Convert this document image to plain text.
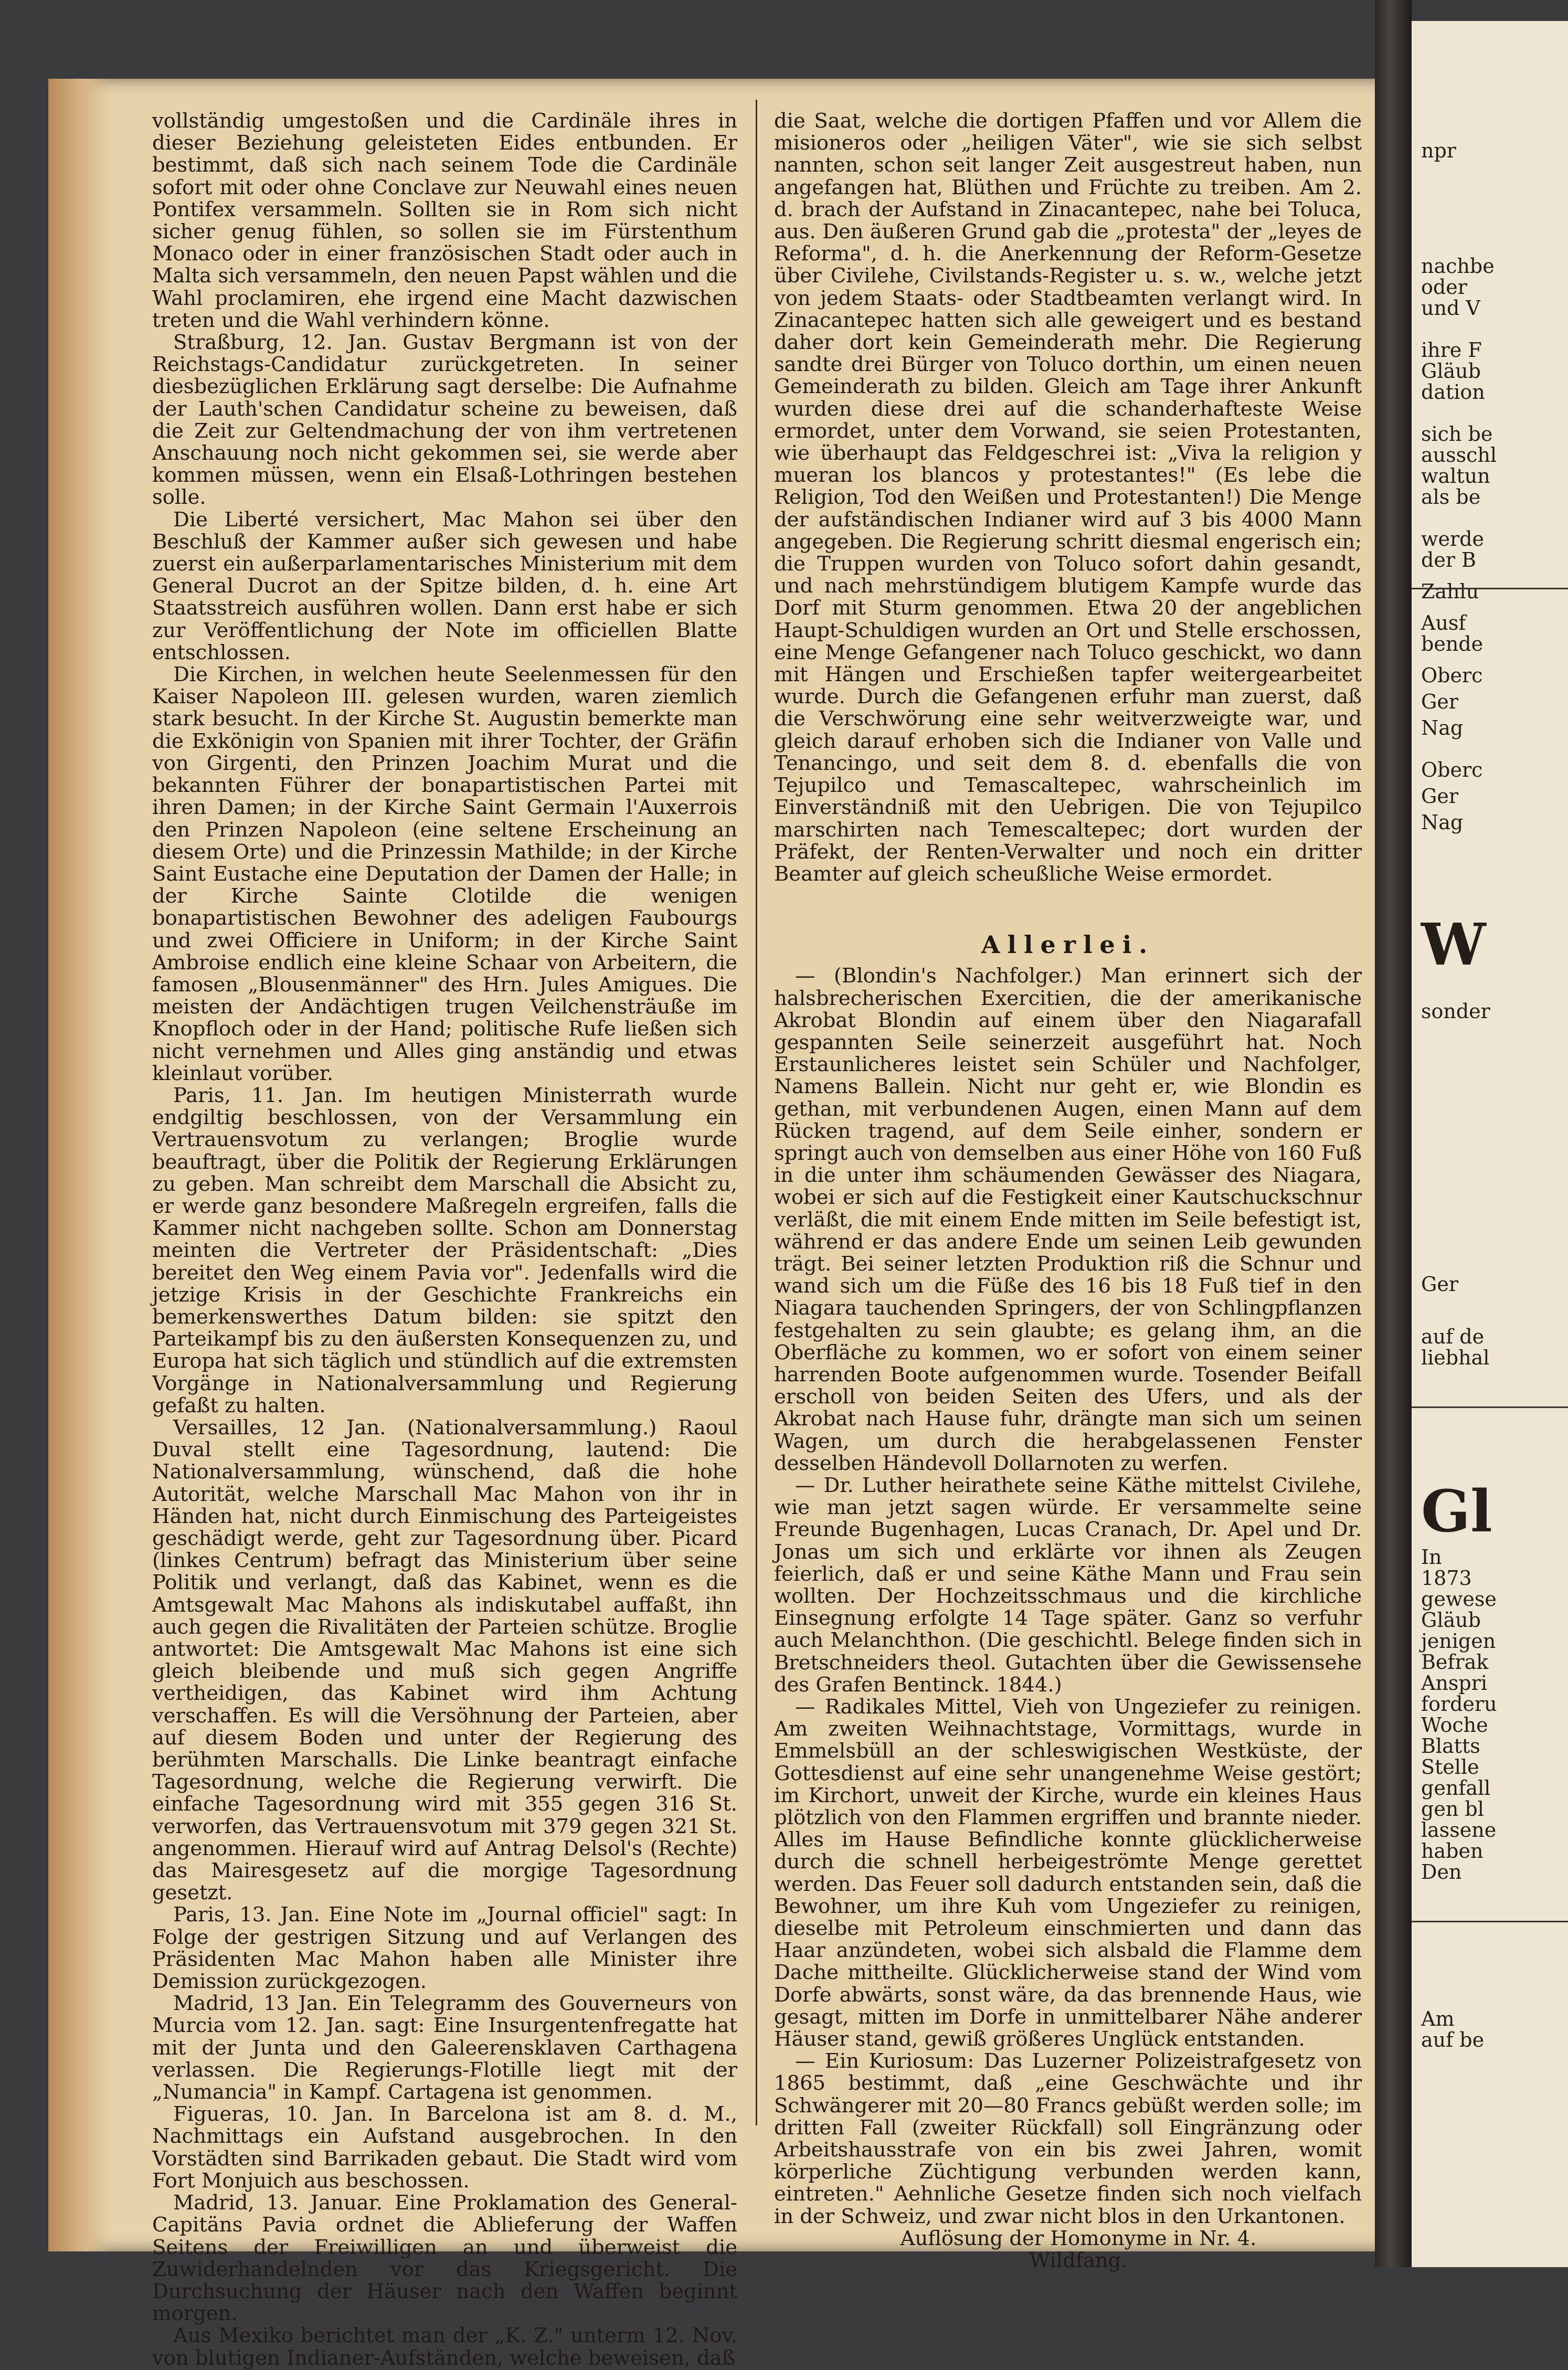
vollständig umgestoßen und die Cardinäle ihres in dieser Beziehung geleisteten Eides entbunden. Er bestimmt, daß sich nach seinem Tode die Cardinäle sofort mit oder ohne Conclave zur Neuwahl eines neuen Pontifex versammeln. Sollten sie in Rom sich nicht sicher genug fühlen, so sollen sie im Fürstenthum Monaco oder in einer französischen Stadt oder auch in Malta sich versammeln, den neuen Papst wählen und die Wahl proclamiren, ehe irgend eine Macht dazwischen treten und die Wahl verhindern könne.

Straßburg, 12. Jan. Gustav Bergmann ist von der Reichstags-Candidatur zurückgetreten. In seiner diesbezüglichen Erklärung sagt derselbe: Die Aufnahme der Lauth'schen Candidatur scheine zu beweisen, daß die Zeit zur Geltendmachung der von ihm vertretenen Anschauung noch nicht gekommen sei, sie werde aber kommen müssen, wenn ein Elsaß-Lothringen bestehen solle.

Die Liberté versichert, Mac Mahon sei über den Beschluß der Kammer außer sich gewesen und habe zuerst ein außerparlamentarisches Ministerium mit dem General Ducrot an der Spitze bilden, d. h. eine Art Staatsstreich ausführen wollen. Dann erst habe er sich zur Veröffentlichung der Note im officiellen Blatte entschlossen.

Die Kirchen, in welchen heute Seelenmessen für den Kaiser Napoleon III. gelesen wurden, waren ziemlich stark besucht. In der Kirche St. Augustin bemerkte man die Exkönigin von Spanien mit ihrer Tochter, der Gräfin von Girgenti, den Prinzen Joachim Murat und die bekannten Führer der bonapartistischen Partei mit ihren Damen; in der Kirche Saint Germain l'Auxerrois den Prinzen Napoleon (eine seltene Erscheinung an diesem Orte) und die Prinzessin Mathilde; in der Kirche Saint Eustache eine Deputation der Damen der Halle; in der Kirche Sainte Clotilde die wenigen bonapartistischen Bewohner des adeligen Faubourgs und zwei Officiere in Uniform; in der Kirche Saint Ambroise endlich eine kleine Schaar von Arbeitern, die famosen „Blousenmänner" des Hrn. Jules Amigues. Die meisten der Andächtigen trugen Veilchensträuße im Knopfloch oder in der Hand; politische Rufe ließen sich nicht vernehmen und Alles ging anständig und etwas kleinlaut vorüber.

Paris, 11. Jan. Im heutigen Ministerrath wurde endgiltig beschlossen, von der Versammlung ein Vertrauensvotum zu verlangen; Broglie wurde beauftragt, über die Politik der Regierung Erklärungen zu geben. Man schreibt dem Marschall die Absicht zu, er werde ganz besondere Maßregeln ergreifen, falls die Kammer nicht nachgeben sollte. Schon am Donnerstag meinten die Vertreter der Präsidentschaft: „Dies bereitet den Weg einem Pavia vor". Jedenfalls wird die jetzige Krisis in der Geschichte Frankreichs ein bemerkenswerthes Datum bilden: sie spitzt den Parteikampf bis zu den äußersten Konsequenzen zu, und Europa hat sich täglich und stündlich auf die extremsten Vorgänge in Nationalversammlung und Regierung gefaßt zu halten.

Versailles, 12 Jan. (Nationalversammlung.) Raoul Duval stellt eine Tagesordnung, lautend: Die Nationalversammlung, wünschend, daß die hohe Autorität, welche Marschall Mac Mahon von ihr in Händen hat, nicht durch Einmischung des Parteigeistes geschädigt werde, geht zur Tagesordnung über. Picard (linkes Centrum) befragt das Ministerium über seine Politik und verlangt, daß das Kabinet, wenn es die Amtsgewalt Mac Mahons als indiskutabel auffaßt, ihn auch gegen die Rivalitäten der Parteien schütze. Broglie antwortet: Die Amtsgewalt Mac Mahons ist eine sich gleich bleibende und muß sich gegen Angriffe vertheidigen, das Kabinet wird ihm Achtung verschaffen. Es will die Versöhnung der Parteien, aber auf diesem Boden und unter der Regierung des berühmten Marschalls. Die Linke beantragt einfache Tagesordnung, welche die Regierung verwirft. Die einfache Tagesordnung wird mit 355 gegen 316 St. verworfen, das Vertrauensvotum mit 379 gegen 321 St. angenommen. Hierauf wird auf Antrag Delsol's (Rechte) das Mairesgesetz auf die morgige Tagesordnung gesetzt.

Paris, 13. Jan. Eine Note im „Journal officiel" sagt: In Folge der gestrigen Sitzung und auf Verlangen des Präsidenten Mac Mahon haben alle Minister ihre Demission zurückgezogen.

Madrid, 13 Jan. Ein Telegramm des Gouverneurs von Murcia vom 12. Jan. sagt: Eine Insurgentenfregatte hat mit der Junta und den Galeerensklaven Carthagena verlassen. Die Regierungs-Flotille liegt mit der „Numancia" in Kampf. Cartagena ist genommen.

Figueras, 10. Jan. In Barcelona ist am 8. d. M., Nachmittags ein Aufstand ausgebrochen. In den Vorstädten sind Barrikaden gebaut. Die Stadt wird vom Fort Monjuich aus beschossen.

Madrid, 13. Januar. Eine Proklamation des General-Capitäns Pavia ordnet die Ablieferung der Waffen Seitens der Freiwilligen an und überweist die Zuwiderhandelnden vor das Kriegsgericht. Die Durchsuchung der Häuser nach den Waffen beginnt morgen.

Aus Mexiko berichtet man der „K. Z." unterm 12. Nov. von blutigen Indianer-Aufständen, welche beweisen, daß

die Saat, welche die dortigen Pfaffen und vor Allem die misioneros oder „heiligen Väter", wie sie sich selbst nannten, schon seit langer Zeit ausgestreut haben, nun angefangen hat, Blüthen und Früchte zu treiben. Am 2. d. brach der Aufstand in Zinacantepec, nahe bei Toluca, aus. Den äußeren Grund gab die „protesta" der „leyes de Reforma", d. h. die Anerkennung der Reform-Gesetze über Civilehe, Civilstands-Register u. s. w., welche jetzt von jedem Staats- oder Stadtbeamten verlangt wird. In Zinacantepec hatten sich alle geweigert und es bestand daher dort kein Gemeinderath mehr. Die Regierung sandte drei Bürger von Toluco dorthin, um einen neuen Gemeinderath zu bilden. Gleich am Tage ihrer Ankunft wurden diese drei auf die schanderhafteste Weise ermordet, unter dem Vorwand, sie seien Protestanten, wie überhaupt das Feldgeschrei ist: „Viva la religion y mueran los blancos y protestantes!" (Es lebe die Religion, Tod den Weißen und Protestanten!) Die Menge der aufständischen Indianer wird auf 3 bis 4000 Mann angegeben. Die Regierung schritt diesmal engerisch ein; die Truppen wurden von Toluco sofort dahin gesandt, und nach mehrstündigem blutigem Kampfe wurde das Dorf mit Sturm genommen. Etwa 20 der angeblichen Haupt-Schuldigen wurden an Ort und Stelle erschossen, eine Menge Gefangener nach Toluco geschickt, wo dann mit Hängen und Erschießen tapfer weitergearbeitet wurde. Durch die Gefangenen erfuhr man zuerst, daß die Verschwörung eine sehr weitverzweigte war, und gleich darauf erhoben sich die Indianer von Valle und Tenancingo, und seit dem 8. d. ebenfalls die von Tejupilco und Temascaltepec, wahrscheinlich im Einverständniß mit den Uebrigen. Die von Tejupilco marschirten nach Temescaltepec; dort wurden der Präfekt, der Renten-Verwalter und noch ein dritter Beamter auf gleich scheußliche Weise ermordet.

Allerlei.

— (Blondin's Nachfolger.) Man erinnert sich der halsbrecherischen Exercitien, die der amerikanische Akrobat Blondin auf einem über den Niagarafall gespannten Seile seinerzeit ausgeführt hat. Noch Erstaunlicheres leistet sein Schüler und Nachfolger, Namens Ballein. Nicht nur geht er, wie Blondin es gethan, mit verbundenen Augen, einen Mann auf dem Rücken tragend, auf dem Seile einher, sondern er springt auch von demselben aus einer Höhe von 160 Fuß in die unter ihm schäumenden Gewässer des Niagara, wobei er sich auf die Festigkeit einer Kautschuckschnur verläßt, die mit einem Ende mitten im Seile befestigt ist, während er das andere Ende um seinen Leib gewunden trägt. Bei seiner letzten Produktion riß die Schnur und wand sich um die Füße des 16 bis 18 Fuß tief in den Niagara tauchenden Springers, der von Schlingpflanzen festgehalten zu sein glaubte; es gelang ihm, an die Oberfläche zu kommen, wo er sofort von einem seiner harrenden Boote aufgenommen wurde. Tosender Beifall erscholl von beiden Seiten des Ufers, und als der Akrobat nach Hause fuhr, drängte man sich um seinen Wagen, um durch die herabgelassenen Fenster desselben Händevoll Dollarnoten zu werfen.

— Dr. Luther heirathete seine Käthe mittelst Civilehe, wie man jetzt sagen würde. Er versammelte seine Freunde Bugenhagen, Lucas Cranach, Dr. Apel und Dr. Jonas um sich und erklärte vor ihnen als Zeugen feierlich, daß er und seine Käthe Mann und Frau sein wollten. Der Hochzeitsschmaus und die kirchliche Einsegnung erfolgte 14 Tage später. Ganz so verfuhr auch Melanchthon. (Die geschichtl. Belege finden sich in Bretschneiders theol. Gutachten über die Gewissensehe des Grafen Bentinck. 1844.)

— Radikales Mittel, Vieh von Ungeziefer zu reinigen. Am zweiten Weihnachtstage, Vormittags, wurde in Emmelsbüll an der schleswigischen Westküste, der Gottesdienst auf eine sehr unangenehme Weise gestört; im Kirchort, unweit der Kirche, wurde ein kleines Haus plötzlich von den Flammen ergriffen und brannte nieder. Alles im Hause Befindliche konnte glücklicherweise durch die schnell herbeigeströmte Menge gerettet werden. Das Feuer soll dadurch entstanden sein, daß die Bewohner, um ihre Kuh vom Ungeziefer zu reinigen, dieselbe mit Petroleum einschmierten und dann das Haar anzündeten, wobei sich alsbald die Flamme dem Dache mittheilte. Glücklicherweise stand der Wind vom Dorfe abwärts, sonst wäre, da das brennende Haus, wie gesagt, mitten im Dorfe in unmittelbarer Nähe anderer Häuser stand, gewiß größeres Unglück entstanden.

— Ein Kuriosum: Das Luzerner Polizeistrafgesetz von 1865 bestimmt, daß „eine Geschwächte und ihr Schwängerer mit 20—80 Francs gebüßt werden solle; im dritten Fall (zweiter Rückfall) soll Eingränzung oder Arbeitshausstrafe von ein bis zwei Jahren, womit körperliche Züchtigung verbunden werden kann, eintreten." Aehnliche Gesetze finden sich noch vielfach in der Schweiz, und zwar nicht blos in den Urkantonen.

Auflösung der Homonyme in Nr. 4.

Wildfang.

npr
nachbe
oder
und V
ihre F
Gläub
dation
sich be
ausschl
waltun
als be
werde
der B
Zahlu
Ausf
bende
Oberc
Ger
Nag
Oberc
Ger
Nag
W
sonder
Ger
auf de
liebhal
Gl
In
1873
gewese
Gläub
jenigen
Befrak
Anspri
forderu
Woche
Blatts
Stelle
genfall
gen bl
lassene
haben
Den
Am
auf be
